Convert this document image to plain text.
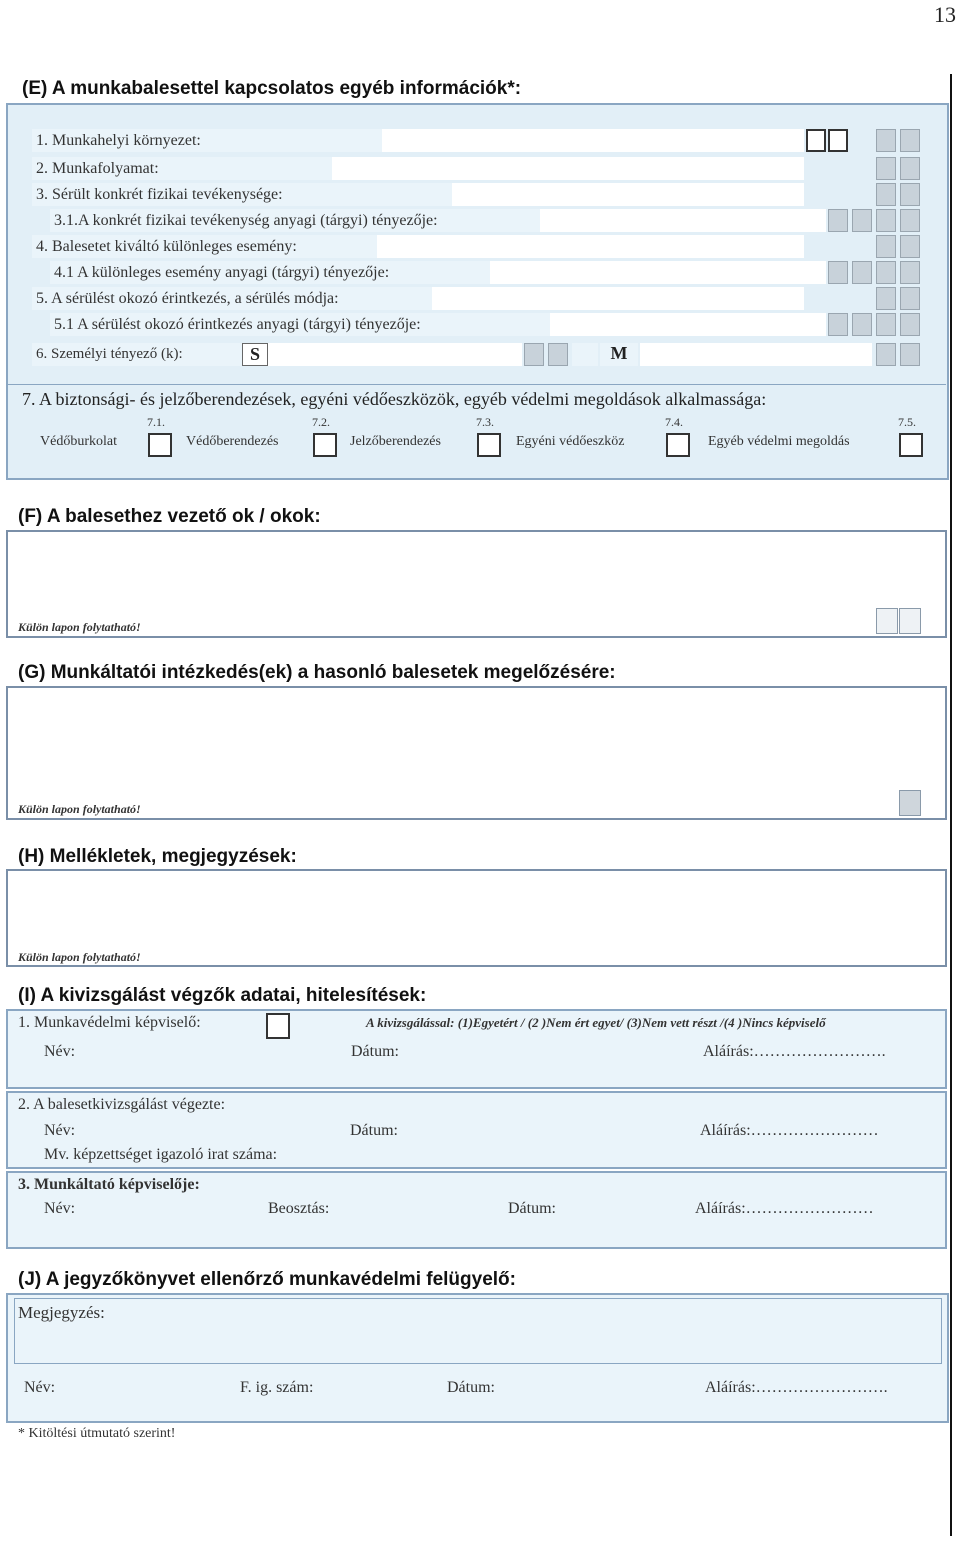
13
(E) A munkabalesettel kapcsolatos egyéb információk*:
1. Munkahelyi környezet:
2. Munkafolyamat:
3. Sérült konkrét fizikai tevékenysége:
3.1.A konkrét fizikai tevékenység anyagi (tárgyi) tényezője:
4. Balesetet kiváltó különleges esemény:
4.1 A különleges esemény anyagi (tárgyi) tényezője:
5. A sérülést okozó érintkezés, a sérülés módja:
5.1 A sérülést okozó érintkezés anyagi (tárgyi) tényezője:
6. Személyi tényező (k):	S	M
7. A biztonsági- és jelzőberendezések, egyéni védőeszközök, egyéb védelmi megoldások alkalmassága:
7.1.
Védőburkolat
7.2.
Védőberendezés
7.3.
Jelzőberendezés
7.4.
Egyéni védőeszköz
7.5.
Egyéb védelmi megoldás
(F) A balesethez vezető ok / okok:
Külön lapon folytatható!
(G) Munkáltatói intézkedés(ek) a hasonló balesetek megelőzésére:
Külön lapon folytatható!
(H) Mellékletek, megjegyzések:
Külön lapon folytatható!
(I) A kivizsgálást végzők adatai, hitelesítések:
1. Munkavédelmi képviselő:	A kivizsgálással: (1)Egyetért / (2 )Nem ért egyet/ (3)Nem vett részt /(4 )Nincs képviselő
Név:	Dátum:	Aláírás:…………………….
2. A balesetkivizsgálást végezte:
Név:	Dátum:	Aláírás:……………………
Mv. képzettséget igazoló irat száma:
3. Munkáltató képviselője:
Név:	Beosztás:	Dátum:	Aláírás:……………………
(J) A jegyzőkönyvet ellenőrző munkavédelmi felügyelő:
Megjegyzés:
Név:	F. ig. szám:	Dátum:	Aláírás:…………………….
* Kitöltési útmutató szerint!
